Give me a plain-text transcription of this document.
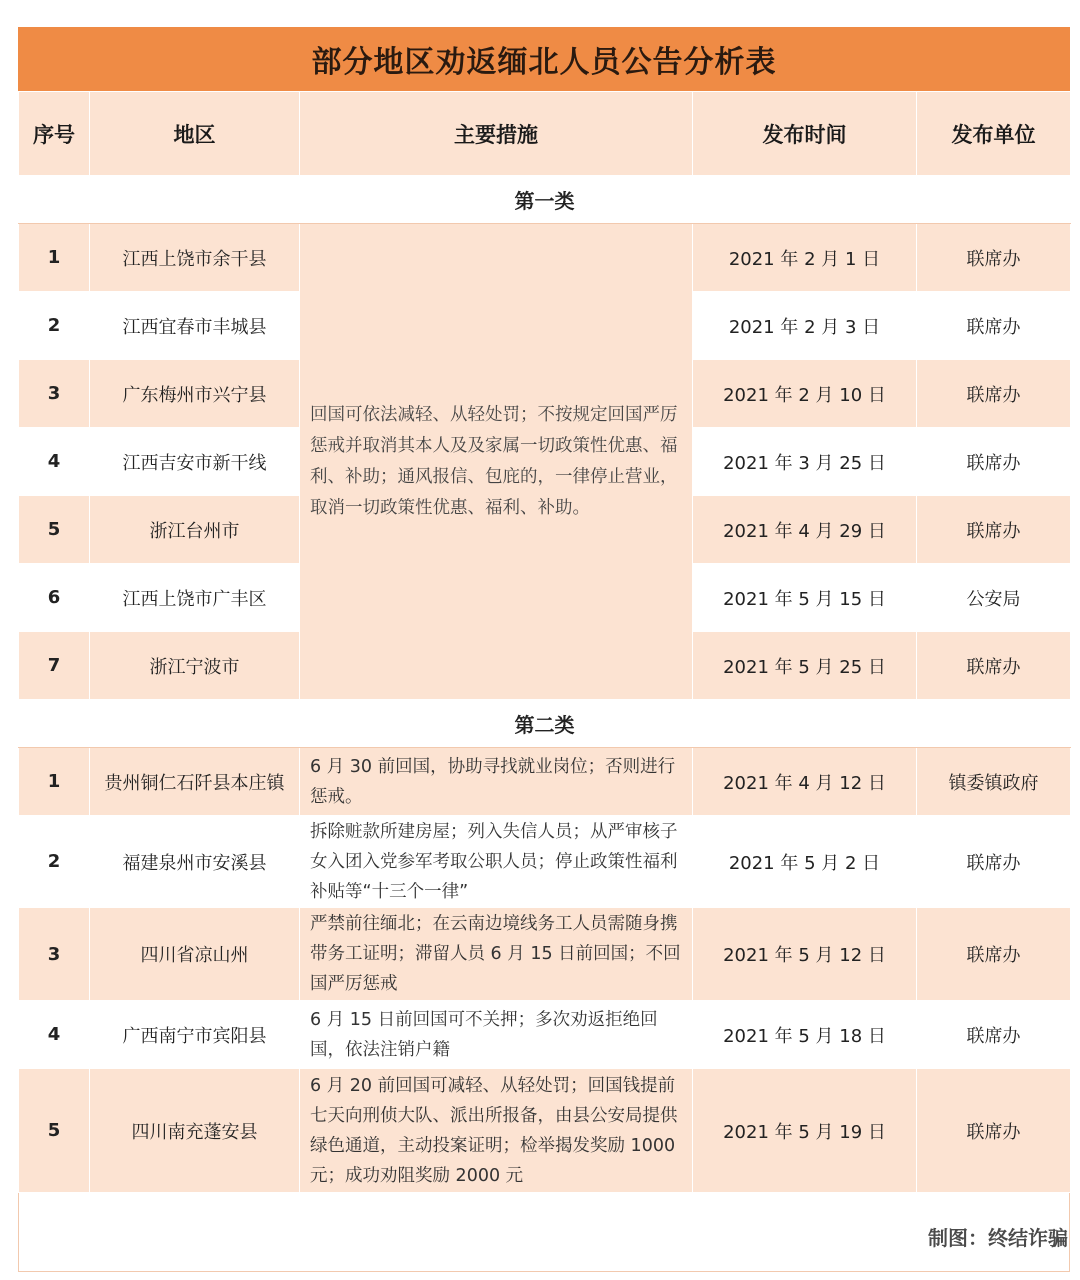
部分地区劝返缅北人员公告分析表
序号	地区	主要措施	发布时间	发布单位
第一类				
1	江西上饶市余干县	回国可依法减轻、从轻处罚；不按规定回国严厉惩戒并取消其本人及及家属一切政策性优惠、福利、补助；通风报信、包庇的，一律停止营业，取消一切政策性优惠、福利、补助。	2021 年 2 月 1 日	联席办
2	江西宜春市丰城县		2021 年 2 月 3 日	联席办
3	广东梅州市兴宁县		2021 年 2 月 10 日	联席办
4	江西吉安市新干线		2021 年 3 月 25 日	联席办
5	浙江台州市		2021 年 4 月 29 日	联席办
6	江西上饶市广丰区		2021 年 5 月 15 日	公安局
7	浙江宁波市		2021 年 5 月 25 日	联席办
第二类				
1	贵州铜仁石阡县本庄镇	6 月 30 前回国，协助寻找就业岗位；否则进行惩戒。	2021 年 4 月 12 日	镇委镇政府
2	福建泉州市安溪县	拆除赃款所建房屋；列入失信人员；从严审核子女入团入党参军考取公职人员；停止政策性福利补贴等“十三个一律”	2021 年 5 月 2 日	联席办
3	四川省凉山州	严禁前往缅北；在云南边境线务工人员需随身携带务工证明；滞留人员 6 月 15 日前回国；不回国严厉惩戒	2021 年 5 月 12 日	联席办
4	广西南宁市宾阳县	6 月 15 日前回国可不关押；多次劝返拒绝回国，依法注销户籍	2021 年 5 月 18 日	联席办
5	四川南充蓬安县	6 月 20 前回国可减轻、从轻处罚；回国钱提前七天向刑侦大队、派出所报备，由县公安局提供绿色通道，主动投案证明；检举揭发奖励 1000 元；成功劝阻奖励 2000 元	2021 年 5 月 19 日	联席办
制图：终结诈骗
